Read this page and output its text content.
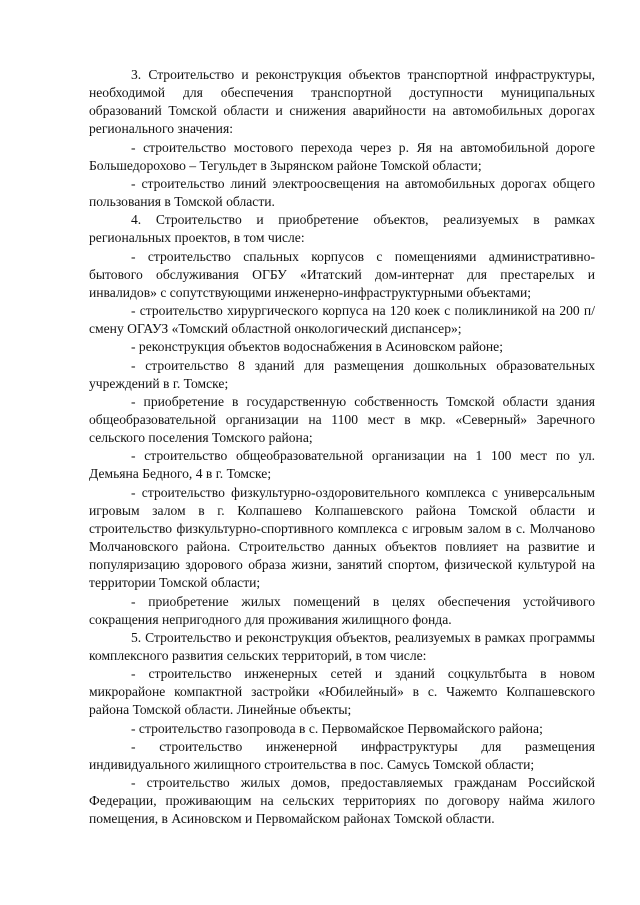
3. Строительство и реконструкция объектов транспортной инфраструктуры, необходимой для обеспечения транспортной доступности муниципальных образований Томской области и снижения аварийности на автомобильных дорогах регионального значения:

- строительство мостового перехода через р. Яя на автомобильной дороге Большедорохово – Тегульдет в Зырянском районе Томской области;

- строительство линий электроосвещения на автомобильных дорогах общего пользования в Томской области.

4. Строительство и приобретение объектов, реализуемых в рамках региональных проектов, в том числе:

- строительство спальных корпусов с помещениями административно-бытового обслуживания ОГБУ «Итатский дом-интернат для престарелых и инвалидов» с сопутствующими инженерно-инфраструктурными объектами;

- строительство хирургического корпуса на 120 коек с поликлиникой на 200 п/смену ОГАУЗ «Томский областной онкологический диспансер»;

- реконструкция объектов водоснабжения в Асиновском районе;

- строительство 8 зданий для размещения дошкольных образовательных учреждений в г. Томске;

- приобретение в государственную собственность Томской области здания общеобразовательной организации на 1100 мест в мкр. «Северный» Заречного сельского поселения Томского района;

- строительство общеобразовательной организации на 1 100 мест по ул. Демьяна Бедного, 4 в г. Томске;

- строительство физкультурно-оздоровительного комплекса с универсальным игровым залом в г. Колпашево Колпашевского района Томской области и строительство физкультурно-спортивного комплекса с игровым залом в с. Молчаново Молчановского района. Строительство данных объектов повлияет на развитие и популяризацию здорового образа жизни, занятий спортом, физической культурой на территории Томской области;

- приобретение жилых помещений в целях обеспечения устойчивого сокращения непригодного для проживания жилищного фонда.

5. Строительство и реконструкция объектов, реализуемых в рамках программы комплексного развития сельских территорий, в том числе:

- строительство инженерных сетей и зданий соцкультбыта в новом микрорайоне компактной застройки «Юбилейный» в с. Чажемто Колпашевского района Томской области. Линейные объекты;

- строительство газопровода в с. Первомайское Первомайского района;

- строительство инженерной инфраструктуры для размещения индивидуального жилищного строительства в пос. Самусь Томской области;

- строительство жилых домов, предоставляемых гражданам Российской Федерации, проживающим на сельских территориях по договору найма жилого помещения, в Асиновском и Первомайском районах Томской области.
